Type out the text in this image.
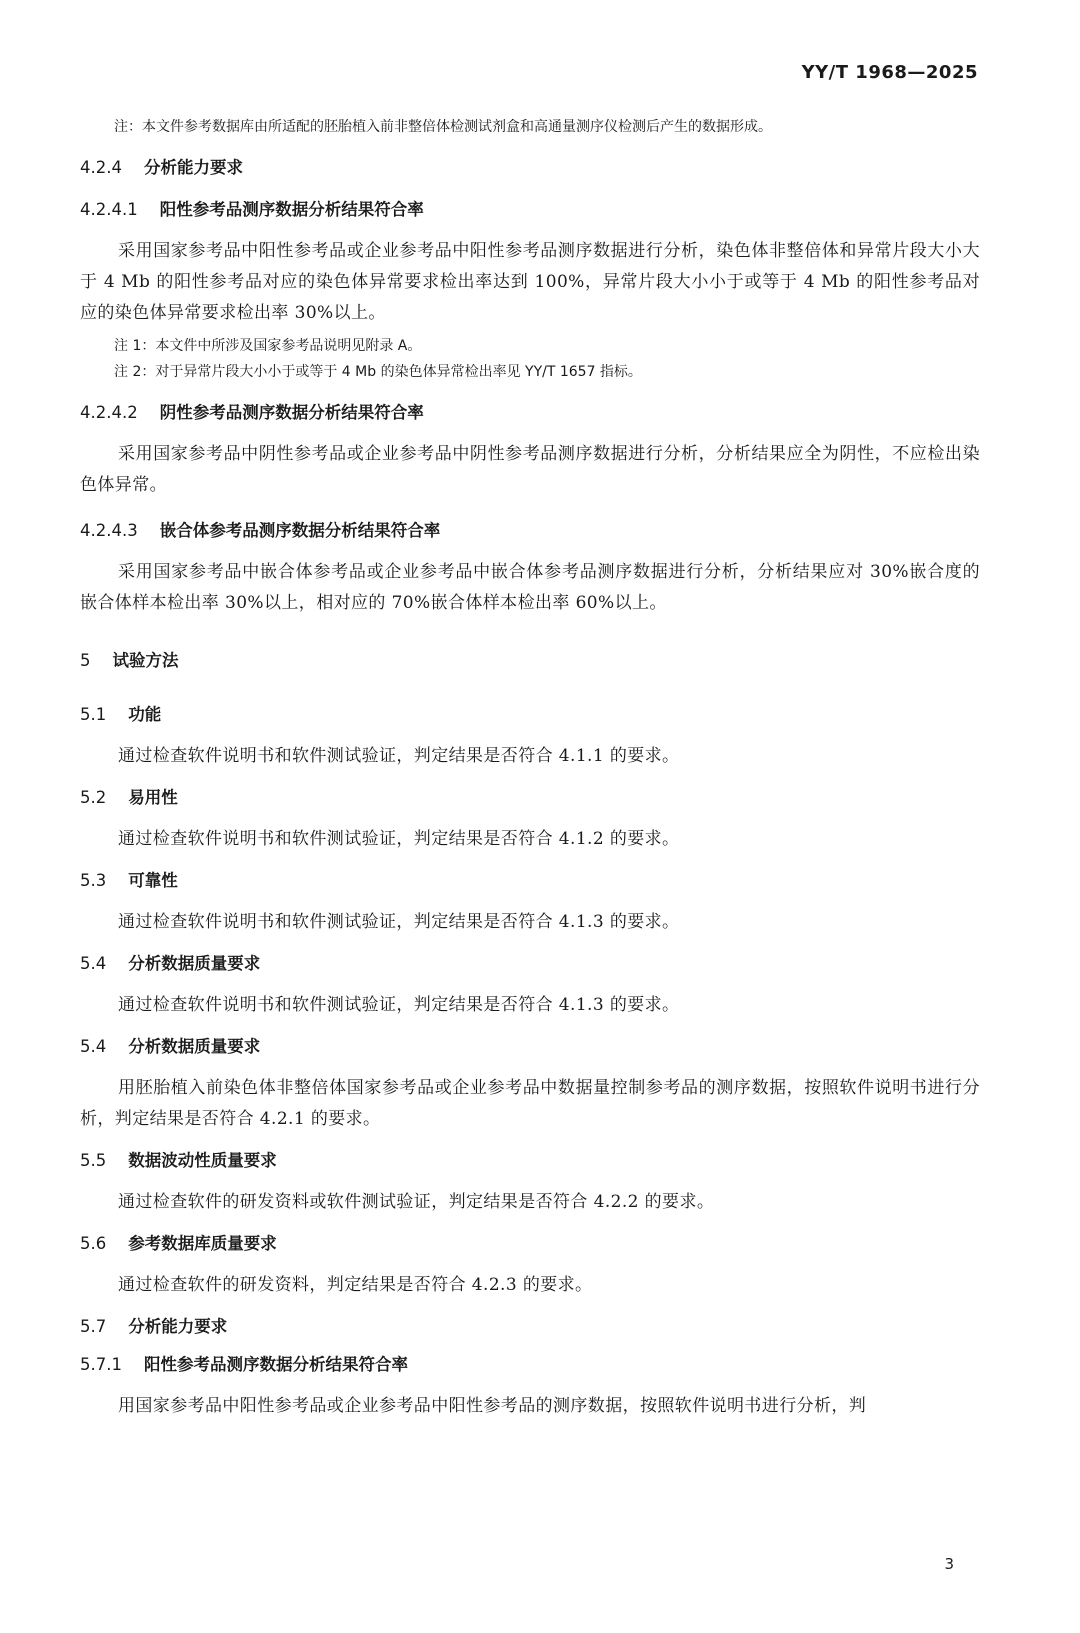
YY/T 1968—2025

注：本文件参考数据库由所适配的胚胎植入前非整倍体检测试剂盒和高通量测序仪检测后产生的数据形成。

4.2.4 分析能力要求
4.2.4.1 阳性参考品测序数据分析结果符合率

采用国家参考品中阳性参考品或企业参考品中阳性参考品测序数据进行分析，染色体非整倍体和异常片段大小大于 4 Mb 的阳性参考品对应的染色体异常要求检出率达到 100%，异常片段大小小于或等于 4 Mb 的阳性参考品对应的染色体异常要求检出率 30%以上。

注 1：本文件中所涉及国家参考品说明见附录 A。

注 2：对于异常片段大小小于或等于 4 Mb 的染色体异常检出率见 YY/T 1657 指标。

4.2.4.2 阴性参考品测序数据分析结果符合率

采用国家参考品中阴性参考品或企业参考品中阴性参考品测序数据进行分析，分析结果应全为阴性，不应检出染色体异常。

4.2.4.3 嵌合体参考品测序数据分析结果符合率

采用国家参考品中嵌合体参考品或企业参考品中嵌合体参考品测序数据进行分析，分析结果应对 30%嵌合度的嵌合体样本检出率 30%以上，相对应的 70%嵌合体样本检出率 60%以上。

5 试验方法
5.1 功能

通过检查软件说明书和软件测试验证，判定结果是否符合 4.1.1 的要求。

5.2 易用性

通过检查软件说明书和软件测试验证，判定结果是否符合 4.1.2 的要求。

5.3 可靠性

通过检查软件说明书和软件测试验证，判定结果是否符合 4.1.3 的要求。

5.4 分析数据质量要求

通过检查软件说明书和软件测试验证，判定结果是否符合 4.1.3 的要求。

5.4 分析数据质量要求

用胚胎植入前染色体非整倍体国家参考品或企业参考品中数据量控制参考品的测序数据，按照软件说明书进行分析，判定结果是否符合 4.2.1 的要求。

5.5 数据波动性质量要求

通过检查软件的研发资料或软件测试验证，判定结果是否符合 4.2.2 的要求。

5.6 参考数据库质量要求

通过检查软件的研发资料，判定结果是否符合 4.2.3 的要求。

5.7 分析能力要求
5.7.1 阳性参考品测序数据分析结果符合率

用国家参考品中阳性参考品或企业参考品中阳性参考品的测序数据，按照软件说明书进行分析，判

3
